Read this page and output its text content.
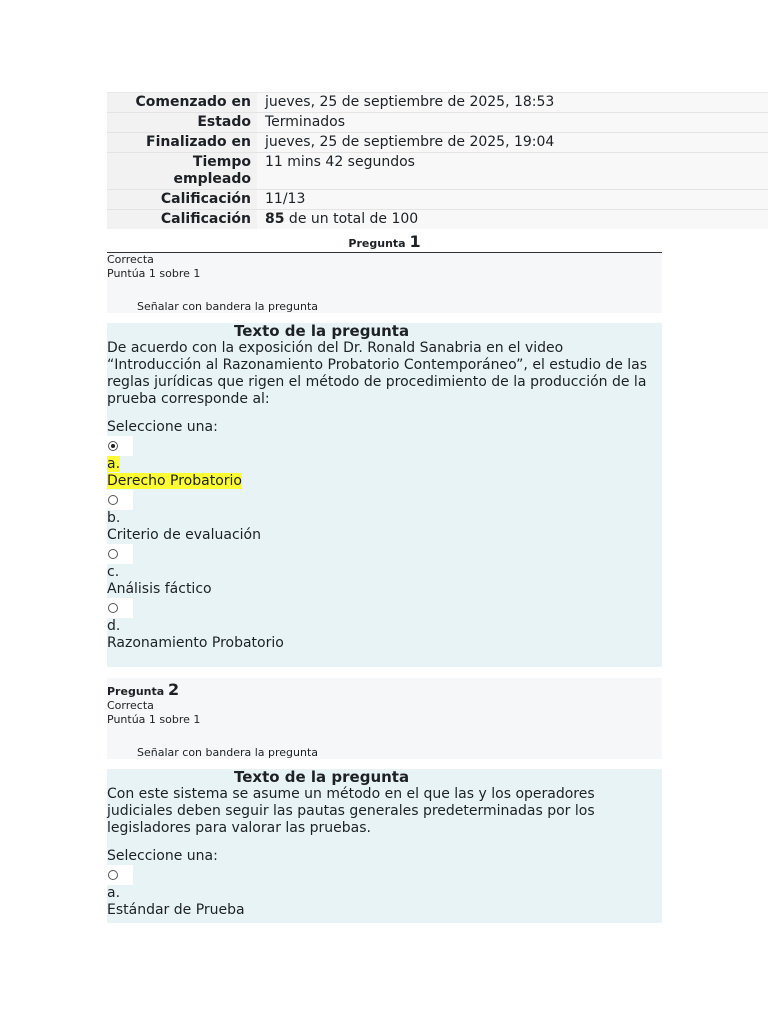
Comenzado en	jueves, 25 de septiembre de 2025, 18:53
Estado	Terminados
Finalizado en	jueves, 25 de septiembre de 2025, 19:04
Tiempo empleado	11 mins 42 segundos
Calificación	11/13
Calificación	85 de un total de 100
Pregunta 1
Correcta
Puntúa 1 sobre 1
Señalar con bandera la pregunta
Texto de la pregunta
De acuerdo con la exposición del Dr. Ronald Sanabria en el video “Introducción al Razonamiento Probatorio Contemporáneo”, el estudio de las reglas jurídicas que rigen el método de procedimiento de la producción de la prueba corresponde al:
Seleccione una:
a.
Derecho Probatorio
b.
Criterio de evaluación
c.
Análisis fáctico
d.
Razonamiento Probatorio
Pregunta 2
Correcta
Puntúa 1 sobre 1
Señalar con bandera la pregunta
Texto de la pregunta
Con este sistema se asume un método en el que las y los operadores judiciales deben seguir las pautas generales predeterminadas por los legisladores para valorar las pruebas.
Seleccione una:
a.
Estándar de Prueba
